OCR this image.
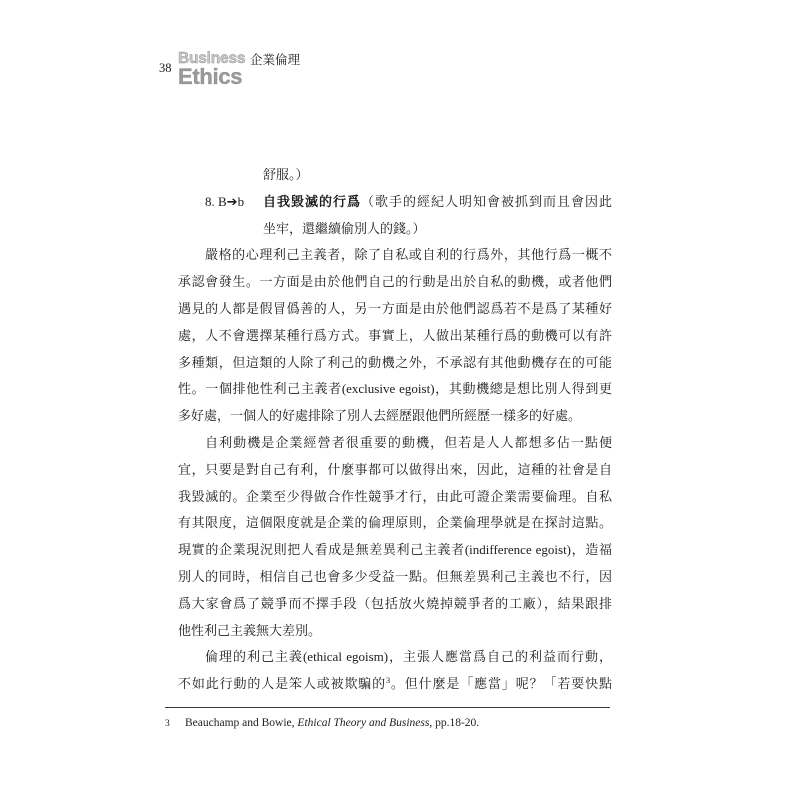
38
Business 企業倫理
Ethics
舒服。）
8. B➔b 自我毀滅的行爲（歌手的經紀人明知會被抓到而且會因此
坐牢，還繼續偷別人的錢。）
嚴格的心理利己主義者，除了自私或自利的行爲外，其他行爲一概不
承認會發生。一方面是由於他們自己的行動是出於自私的動機，或者他們
遇見的人都是假冒僞善的人，另一方面是由於他們認爲若不是爲了某種好
處，人不會選擇某種行爲方式。事實上，人做出某種行爲的動機可以有許
多種類，但這類的人除了利己的動機之外，不承認有其他動機存在的可能
性。一個排他性利己主義者(exclusive egoist)，其動機總是想比別人得到更
多好處，一個人的好處排除了別人去經歷跟他們所經歷一樣多的好處。
自利動機是企業經營者很重要的動機，但若是人人都想多佔一點便
宜，只要是對自己有利，什麼事都可以做得出來，因此，這種的社會是自
我毀滅的。企業至少得做合作性競爭才行，由此可證企業需要倫理。自私
有其限度，這個限度就是企業的倫理原則，企業倫理學就是在探討這點。
現實的企業現況則把人看成是無差異利己主義者(indifference egoist)，造福
別人的同時，相信自己也會多少受益一點。但無差異利己主義也不行，因
爲大家會爲了競爭而不擇手段（包括放火燒掉競爭者的工廠），結果跟排
他性利己主義無大差別。
倫理的利己主義(ethical egoism)，主張人應當爲自己的利益而行動，
不如此行動的人是笨人或被欺騙的$^3$。但什麼是「應當」呢？「若要快點
3 Beauchamp and Bowie, Ethical Theory and Business, pp.18-20.
